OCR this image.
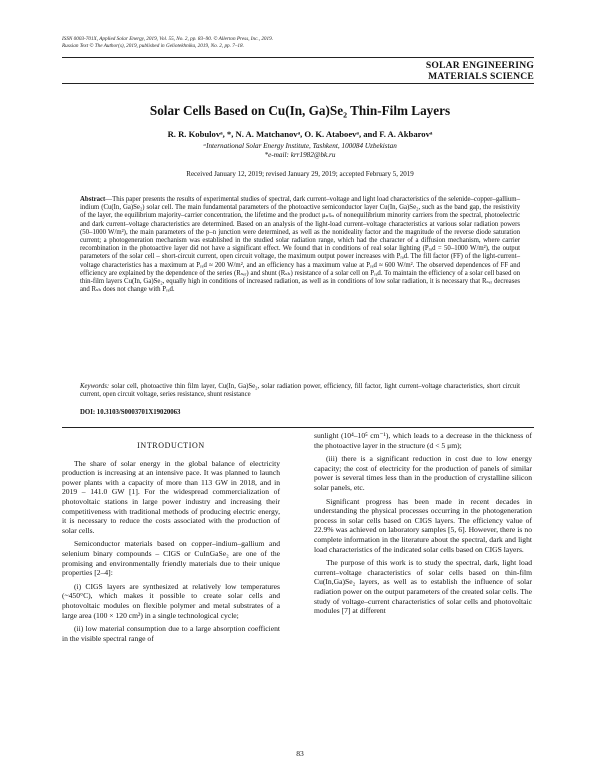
ISSN 0003-701X, Applied Solar Energy, 2019, Vol. 55, No. 2, pp. 83–90. © Allerton Press, Inc., 2019.
Russian Text © The Author(s), 2019, published in Geliotekhnika, 2019, No. 2, pp. 7–18.
SOLAR ENGINEERING
MATERIALS SCIENCE
Solar Cells Based on Cu(In, Ga)Se₂ Thin-Film Layers
R. R. Kobulovᵃ, *, N. A. Matchanovᵃ, O. K. Ataboevᵃ, and F. A. Akbarovᵃ
ᵃInternational Solar Energy Institute, Tashkent, 100084 Uzbekistan
*e-mail: krr1982@bk.ru
Received January 12, 2019; revised January 29, 2019; accepted February 5, 2019
Abstract—This paper presents the results of experimental studies of spectral, dark current–voltage and light load characteristics of the selenide–copper–gallium–indium (Cu(In, Ga)Se₂) solar cell. The main fundamental parameters of the photoactive semiconductor layer Cu(In, Ga)Se₂, such as the band gap, the resistivity of the layer, the equilibrium majority–carrier concentration, the lifetime and the product μₙτₙ of nonequilibrium minority carriers from the spectral, photoelectric and dark current–voltage characteristics are determined. Based on an analysis of the light-load current–voltage characteristics at various solar radiation powers (50–1000 W/m²), the main parameters of the p–n junction were determined, as well as the nonideality factor and the magnitude of the reverse diode saturation current; a photogeneration mechanism was established in the studied solar radiation range, which had the character of a diffusion mechanism, where carrier recombination in the photoactive layer did not have a significant effect. We found that in conditions of real solar lighting (Pᵣₐd = 50–1000 W/m²), the output parameters of the solar cell – short-circuit current, open circuit voltage, the maximum output power increases with Pᵣₐd. The fill factor (FF) of the light-current–voltage characteristics has a maximum at Pᵣₐd ≈ 200 W/m², and an efficiency has a maximum value at Pᵣₐd ≈ 600 W/m². The observed dependences of FF and efficiency are explained by the dependence of the series (Rₛₑᵣ) and shunt (Rₛₕ) resistance of a solar cell on Pᵣₐd. To maintain the efficiency of a solar cell based on thin-film layers Cu(In, Ga)Se₂, equally high in conditions of increased radiation, as well as in conditions of low solar radiation, it is necessary that Rₛₑᵣ decreases and Rₛₕ does not change with Pᵣₐd.
Keywords: solar cell, photoactive thin film layer, Cu(In, Ga)Se₂, solar radiation power, efficiency, fill factor, light current–voltage characteristics, short circuit current, open circuit voltage, series resistance, shunt resistance
DOI: 10.3103/S0003701X19020063

INTRODUCTION

The share of solar energy in the global balance of electricity production is increasing at an intensive pace. It was planned to launch power plants with a capacity of more than 113 GW in 2018, and in 2019 – 141.0 GW [1]. For the widespread commercialization of photovoltaic stations in large power industry and increasing their competitiveness with traditional methods of producing electric energy, it is necessary to reduce the costs associated with the production of solar cells.

Semiconductor materials based on copper–indium–gallium and selenium binary compounds – CIGS or CuInGaSe₂ are one of the promising and environmentally friendly materials due to their unique properties [2–4]:

(i) CIGS layers are synthesized at relatively low temperatures (~450°C), which makes it possible to create solar cells and photovoltaic modules on flexible polymer and metal substrates of a large area (100 × 120 cm²) in a single technological cycle;

(ii) low material consumption due to a large absorption coefficient in the visible spectral range of

sunlight (10⁴–10⁵ cm⁻¹), which leads to a decrease in the thickness of the photoactive layer in the structure (d < 5 μm);

(iii) there is a significant reduction in cost due to low energy capacity; the cost of electricity for the production of panels of similar power is several times less than in the production of crystalline silicon solar panels, etc.

Significant progress has been made in recent decades in understanding the physical processes occurring in the photogeneration process in solar cells based on CIGS layers. The efficiency value of 22.9% was achieved on laboratory samples [5, 6]. However, there is no complete information in the literature about the spectral, dark and light load characteristics of the indicated solar cells based on CIGS layers.

The purpose of this work is to study the spectral, dark, light load current–voltage characteristics of solar cells based on thin-film Cu(In,Ga)Se₂ layers, as well as to establish the influence of solar radiation power on the output parameters of the created solar cells. The study of voltage–current characteristics of solar cells and photovoltaic modules [7] at different

83
